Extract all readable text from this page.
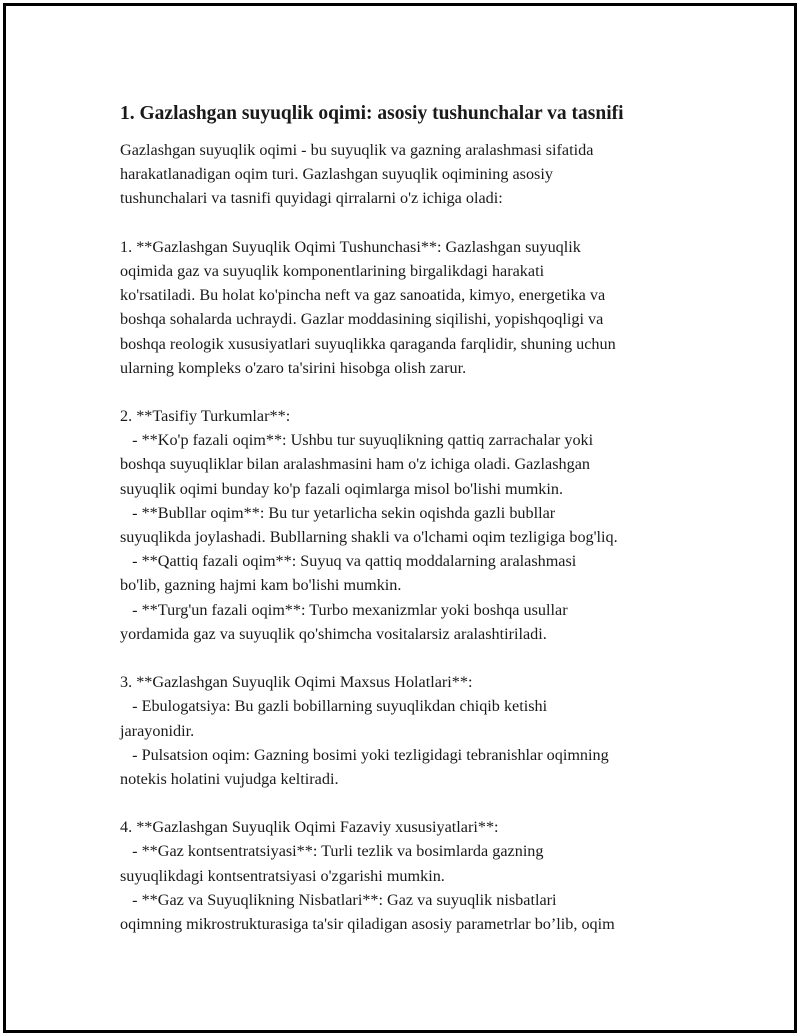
1. Gazlashgan suyuqlik oqimi: asosiy tushunchalar va tasnifi
Gazlashgan suyuqlik oqimi - bu suyuqlik va gazning aralashmasi sifatida
harakatlanadigan oqim turi. Gazlashgan suyuqlik oqimining asosiy
tushunchalari va tasnifi quyidagi qirralarni o'z ichiga oladi:
1. **Gazlashgan Suyuqlik Oqimi Tushunchasi**: Gazlashgan suyuqlik
oqimida gaz va suyuqlik komponentlarining birgalikdagi harakati
ko'rsatiladi. Bu holat ko'pincha neft va gaz sanoatida, kimyo, energetika va
boshqa sohalarda uchraydi. Gazlar moddasining siqilishi, yopishqoqligi va
boshqa reologik xususiyatlari suyuqlikka qaraganda farqlidir, shuning uchun
ularning kompleks o'zaro ta'sirini hisobga olish zarur.
2. **Tasifiy Turkumlar**:
- **Ko'p fazali oqim**: Ushbu tur suyuqlikning qattiq zarrachalar yoki
boshqa suyuqliklar bilan aralashmasini ham o'z ichiga oladi. Gazlashgan
suyuqlik oqimi bunday ko'p fazali oqimlarga misol bo'lishi mumkin.
- **Bubllar oqim**: Bu tur yetarlicha sekin oqishda gazli bubllar
suyuqlikda joylashadi. Bubllarning shakli va o'lchami oqim tezligiga bog'liq.
- **Qattiq fazali oqim**: Suyuq va qattiq moddalarning aralashmasi
bo'lib, gazning hajmi kam bo'lishi mumkin.
- **Turg'un fazali oqim**: Turbo mexanizmlar yoki boshqa usullar
yordamida gaz va suyuqlik qo'shimcha vositalarsiz aralashtiriladi.
3. **Gazlashgan Suyuqlik Oqimi Maxsus Holatlari**:
- Ebulogatsiya: Bu gazli bobillarning suyuqlikdan chiqib ketishi
jarayonidir.
- Pulsatsion oqim: Gazning bosimi yoki tezligidagi tebranishlar oqimning
notekis holatini vujudga keltiradi.
4. **Gazlashgan Suyuqlik Oqimi Fazaviy xususiyatlari**:
- **Gaz kontsentratsiyasi**: Turli tezlik va bosimlarda gazning
suyuqlikdagi kontsentratsiyasi o'zgarishi mumkin.
- **Gaz va Suyuqlikning Nisbatlari**: Gaz va suyuqlik nisbatlari
oqimning mikrostrukturasiga ta'sir qiladigan asosiy parametrlar bo’lib, oqim
